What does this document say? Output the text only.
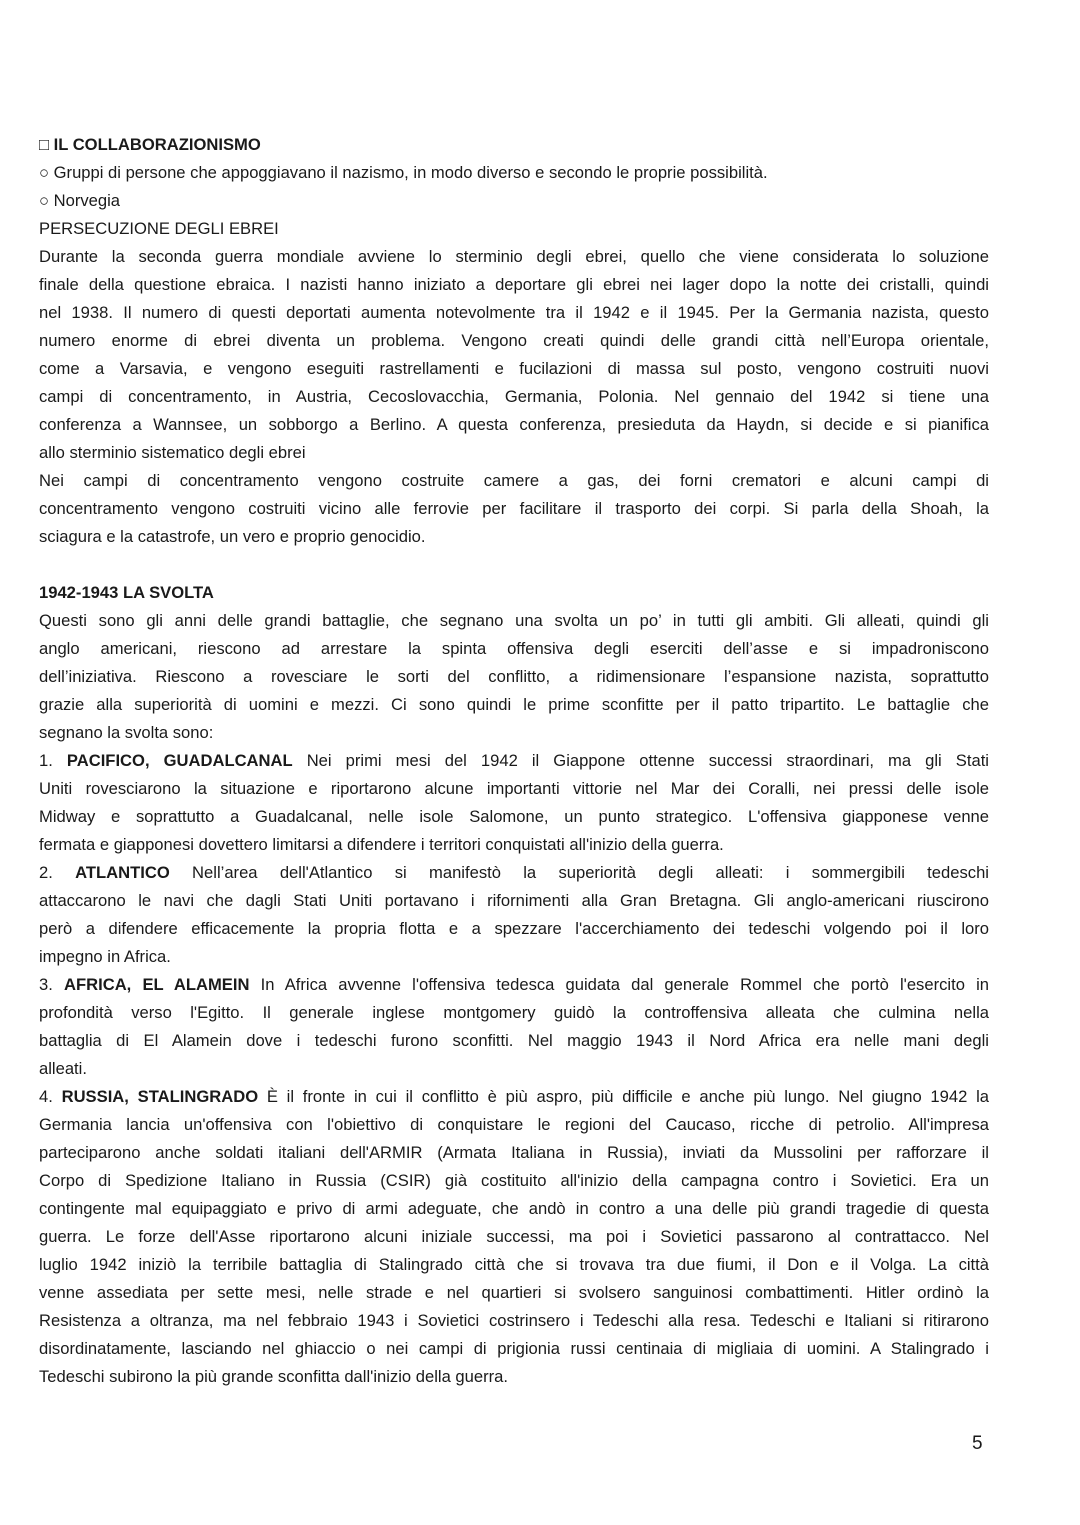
□ IL COLLABORAZIONISMO

○ Gruppi di persone che appoggiavano il nazismo, in modo diverso e secondo le proprie possibilità.

○ Norvegia

PERSECUZIONE DEGLI EBREI

Durante la seconda guerra mondiale avviene lo sterminio degli ebrei, quello che viene considerata lo soluzione

finale della questione ebraica. I nazisti hanno iniziato a deportare gli ebrei nei lager dopo la notte dei cristalli, quindi

nel 1938. Il numero di questi deportati aumenta notevolmente tra il 1942 e il 1945. Per la Germania nazista, questo

numero enorme di ebrei diventa un problema. Vengono creati quindi delle grandi città nell’Europa orientale,

come a Varsavia, e vengono eseguiti rastrellamenti e fucilazioni di massa sul posto, vengono costruiti nuovi

campi di concentramento, in Austria, Cecoslovacchia, Germania, Polonia. Nel gennaio del 1942 si tiene una

conferenza a Wannsee, un sobborgo a Berlino. A questa conferenza, presieduta da Haydn, si decide e si pianifica

allo sterminio sistematico degli ebrei

Nei campi di concentramento vengono costruite camere a gas, dei forni crematori e alcuni campi di

concentramento vengono costruiti vicino alle ferrovie per facilitare il trasporto dei corpi. Si parla della Shoah, la

sciagura e la catastrofe, un vero e proprio genocidio.

1942-1943 LA SVOLTA

Questi sono gli anni delle grandi battaglie, che segnano una svolta un po’ in tutti gli ambiti. Gli alleati, quindi gli

anglo americani, riescono ad arrestare la spinta offensiva degli eserciti dell’asse e si impadroniscono

dell’iniziativa. Riescono a rovesciare le sorti del conflitto, a ridimensionare l’espansione nazista, soprattutto

grazie alla superiorità di uomini e mezzi. Ci sono quindi le prime sconfitte per il patto tripartito. Le battaglie che

segnano la svolta sono:

1. PACIFICO, GUADALCANAL Nei primi mesi del 1942 il Giappone ottenne successi straordinari, ma gli Stati

Uniti rovesciarono la situazione e riportarono alcune importanti vittorie nel Mar dei Coralli, nei pressi delle isole

Midway e soprattutto a Guadalcanal, nelle isole Salomone, un punto strategico. L'offensiva giapponese venne

fermata e giapponesi dovettero limitarsi a difendere i territori conquistati all'inizio della guerra.

2. ATLANTICO Nell’area dell'Atlantico si manifestò la superiorità degli alleati: i sommergibili tedeschi

attaccarono le navi che dagli Stati Uniti portavano i rifornimenti alla Gran Bretagna. Gli anglo-americani riuscirono

però a difendere efficacemente la propria flotta e a spezzare l'accerchiamento dei tedeschi volgendo poi il loro

impegno in Africa.

3. AFRICA, EL ALAMEIN In Africa avvenne l'offensiva tedesca guidata dal generale Rommel che portò l'esercito in

profondità verso l'Egitto. Il generale inglese montgomery guidò la controffensiva alleata che culmina nella

battaglia di El Alamein dove i tedeschi furono sconfitti. Nel maggio 1943 il Nord Africa era nelle mani degli

alleati.

4. RUSSIA, STALINGRADO È il fronte in cui il conflitto è più aspro, più difficile e anche più lungo. Nel giugno 1942 la

Germania lancia un'offensiva con l'obiettivo di conquistare le regioni del Caucaso, ricche di petrolio. All'impresa

parteciparono anche soldati italiani dell'ARMIR (Armata Italiana in Russia), inviati da Mussolini per rafforzare il

Corpo di Spedizione Italiano in Russia (CSIR) già costituito all'inizio della campagna contro i Sovietici. Era un

contingente mal equipaggiato e privo di armi adeguate, che andò in contro a una delle più grandi tragedie di questa

guerra. Le forze dell'Asse riportarono alcuni iniziale successi, ma poi i Sovietici passarono al contrattacco. Nel

luglio 1942 iniziò la terribile battaglia di Stalingrado città che si trovava tra due fiumi, il Don e il Volga. La città

venne assediata per sette mesi, nelle strade e nel quartieri si svolsero sanguinosi combattimenti. Hitler ordinò la

Resistenza a oltranza, ma nel febbraio 1943 i Sovietici costrinsero i Tedeschi alla resa. Tedeschi e Italiani si ritirarono

disordinatamente, lasciando nel ghiaccio o nei campi di prigionia russi centinaia di migliaia di uomini. A Stalingrado i

Tedeschi subirono la più grande sconfitta dall'inizio della guerra.

5
